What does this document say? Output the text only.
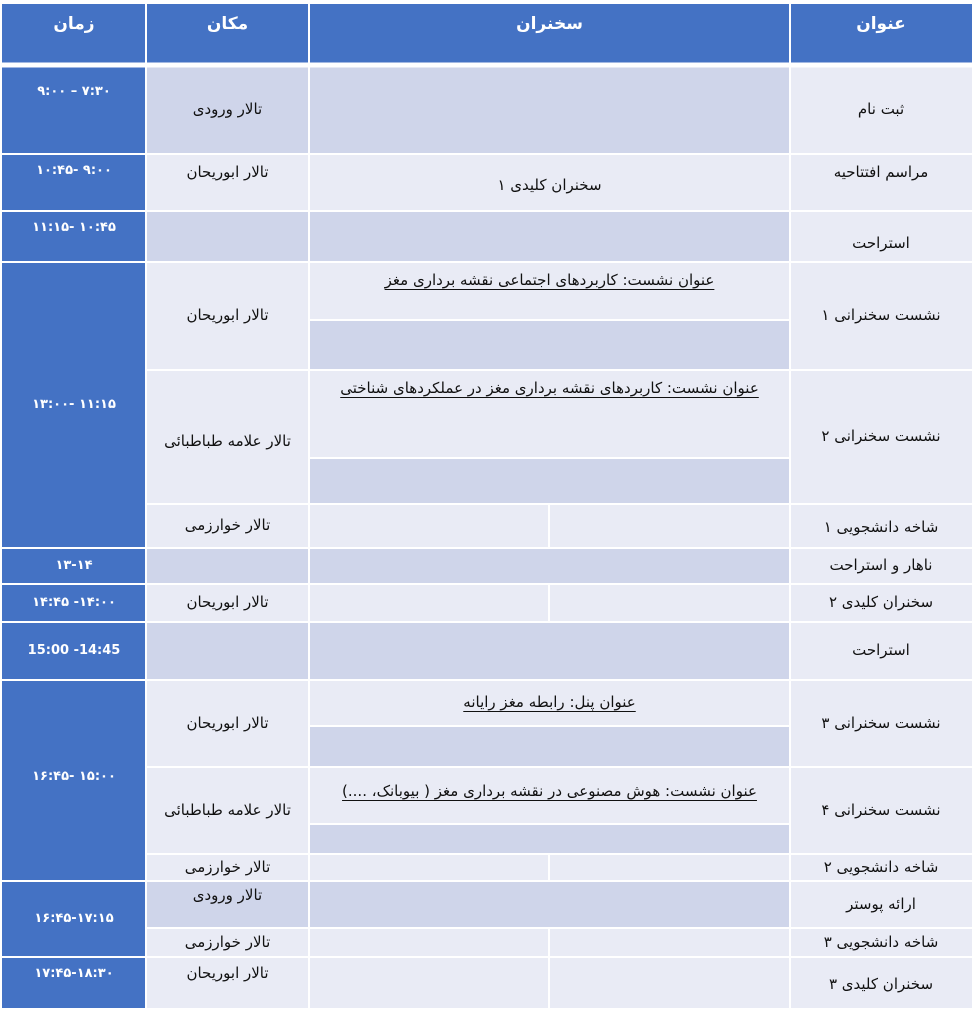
عنوان
سخنران
مکان
زمان
ثبت نام
تالار ورودی
۷:۳۰ – ۹:۰۰
مراسم افتتاحیه
سخنران کلیدی ۱
تالار ابوریحان
۹:۰۰ -۱۰:۴۵
استراحت
۱۰:۴۵ -۱۱:۱۵
۱۱:۱۵ -۱۳:۰۰
نشست سخنرانی ۱
عنوان نشست: کاربردهای اجتماعی نقشه برداری مغز
تالار ابوریحان
نشست سخنرانی ۲
عنوان نشست: کاربردهای نقشه برداری مغز در عملکردهای شناختی
تالار علامه طباطبائی
شاخه دانشجویی ۱
تالار خوارزمی
ناهار و استراحت
۱۳-۱۴
سخنران کلیدی ۲
تالار ابوریحان
۱۴:۰۰- ۱۴:۴۵
استراحت
14:45- 15:00
۱۵:۰۰ -۱۶:۴۵
نشست سخنرانی ۳
عنوان پنل: رابطه مغز رایانه
تالار ابوریحان
نشست سخنرانی ۴
عنوان نشست: هوش مصنوعی در نقشه برداری مغز ( بیوبانک، ....)
تالار علامه طباطبائی
شاخه دانشجویی ۲
تالار خوارزمی
۱۶:۴۵-۱۷:۱۵
ارائه پوستر
تالار ورودی
شاخه دانشجویی ۳
تالار خوارزمی
سخنران کلیدی ۳
تالار ابوریحان
۱۷:۴۵-۱۸:۳۰
